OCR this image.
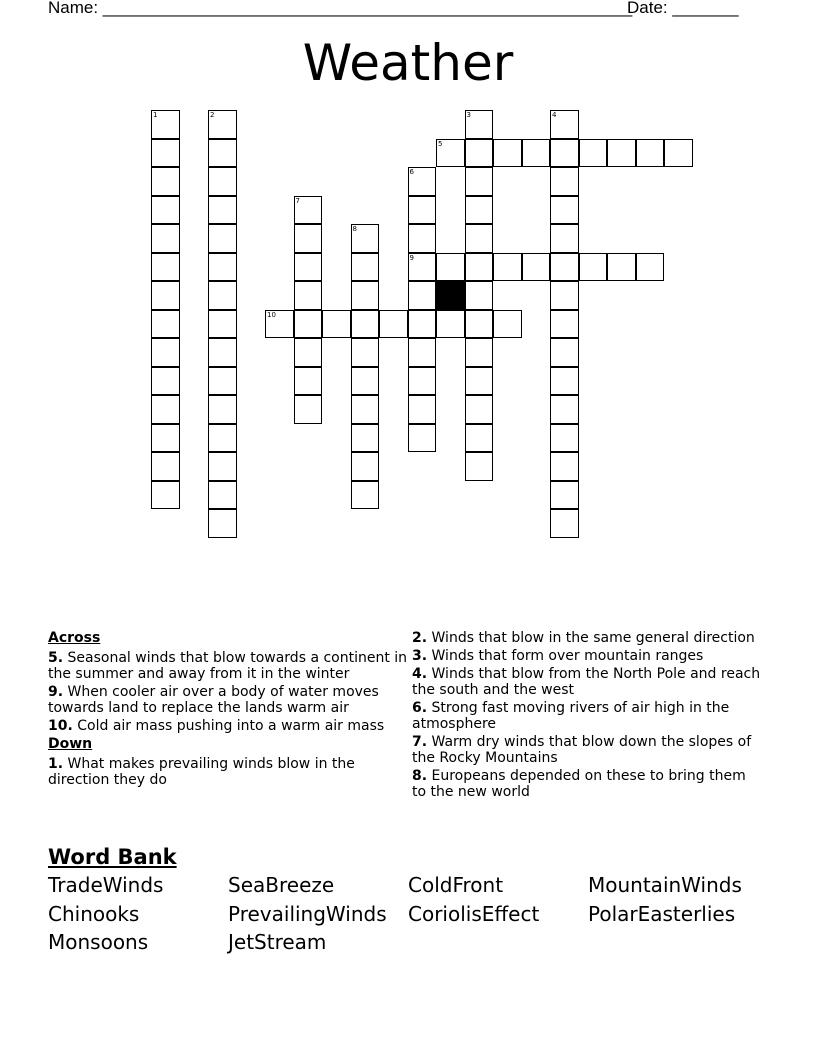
Name: ________________________________________________________
Date: _______
Weather
1	2	3	4
5
6
9
7
8
10
Across
5. Seasonal winds that blow towards a continent in the summer and away from it in the winter
9. When cooler air over a body of water moves towards land to replace the lands warm air
10. Cold air mass pushing into a warm air mass
Down
1. What makes prevailing winds blow in the direction they do
2. Winds that blow in the same general direction
3. Winds that form over mountain ranges
4. Winds that blow from the North Pole and reach the south and the west
6. Strong fast moving rivers of air high in the atmosphere
7. Warm dry winds that blow down the slopes of the Rocky Mountains
8. Europeans depended on these to bring them to the new world
Word Bank
TradeWinds	SeaBreeze	ColdFront	MountainWinds
Chinooks	PrevailingWinds	CoriolisEffect	PolarEasterlies
Monsoons	JetStream
